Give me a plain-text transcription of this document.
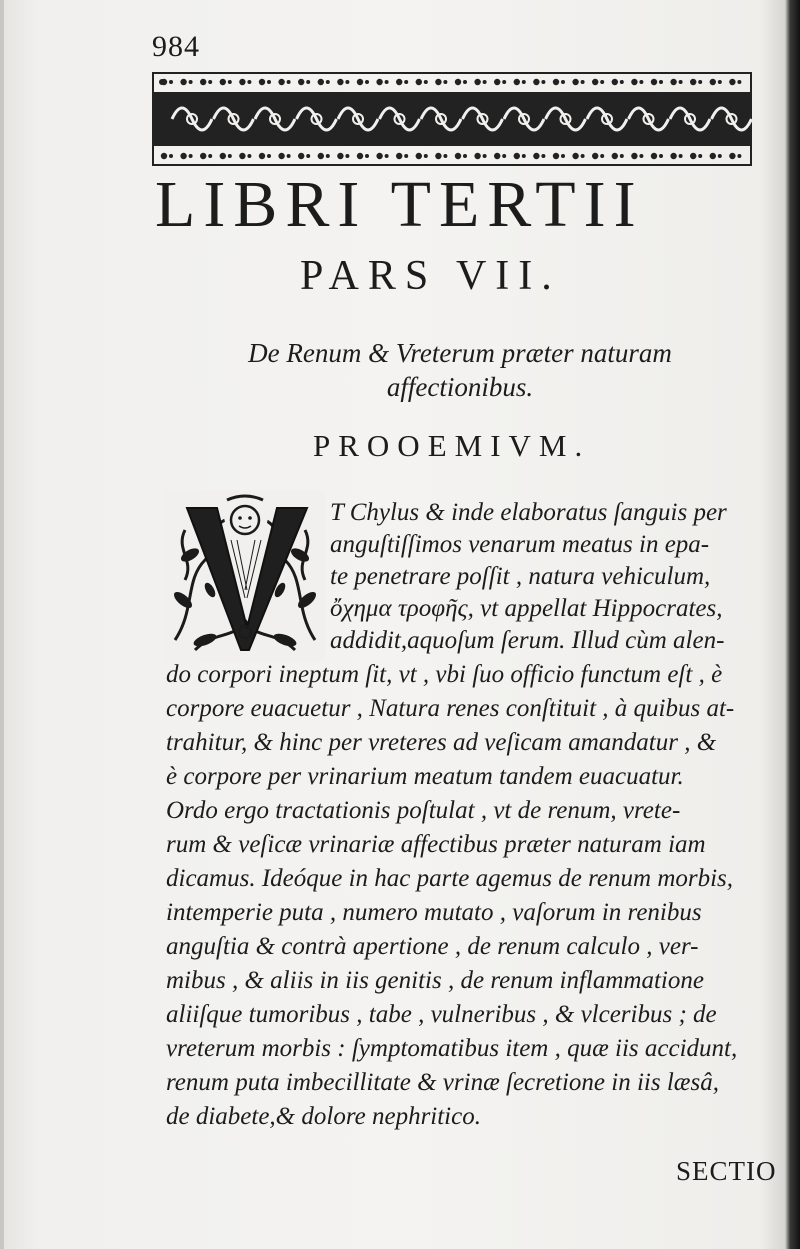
984
LIBRI TERTII
PARS VII.
De Renum & Vreterum præter naturam
affectionibus.
PROOEMIVM.
T Chylus & inde elaboratus ſanguis per
anguſtiſſimos venarum meatus in epa-
te penetrare poſſit , natura vehiculum,
ὄχημα τροφῆς, vt appellat Hippocrates,
addidit,aquoſum ſerum. Illud cùm alen-
do corpori ineptum ſit, vt , vbi ſuo officio functum eſt , è
corpore euacuetur , Natura renes conſtituit , à quibus at-
trahitur, & hinc per vreteres ad veſicam amandatur , &
è corpore per vrinarium meatum tandem euacuatur.
Ordo ergo tractationis poſtulat , vt de renum, vrete-
rum & veſicæ vrinariæ affectibus præter naturam iam
dicamus. Ideóque in hac parte agemus de renum morbis,
intemperie puta , numero mutato , vaſorum in renibus
anguſtia & contrà apertione , de renum calculo , ver-
mibus , & aliis in iis genitis , de renum inflammatione
aliiſque tumoribus , tabe , vulneribus , & vlceribus ; de
vreterum morbis : ſymptomatibus item , quæ iis accidunt,
renum puta imbecillitate & vrinæ ſecretione in iis læsâ,
de diabete,& dolore nephritico.
SECTIO
